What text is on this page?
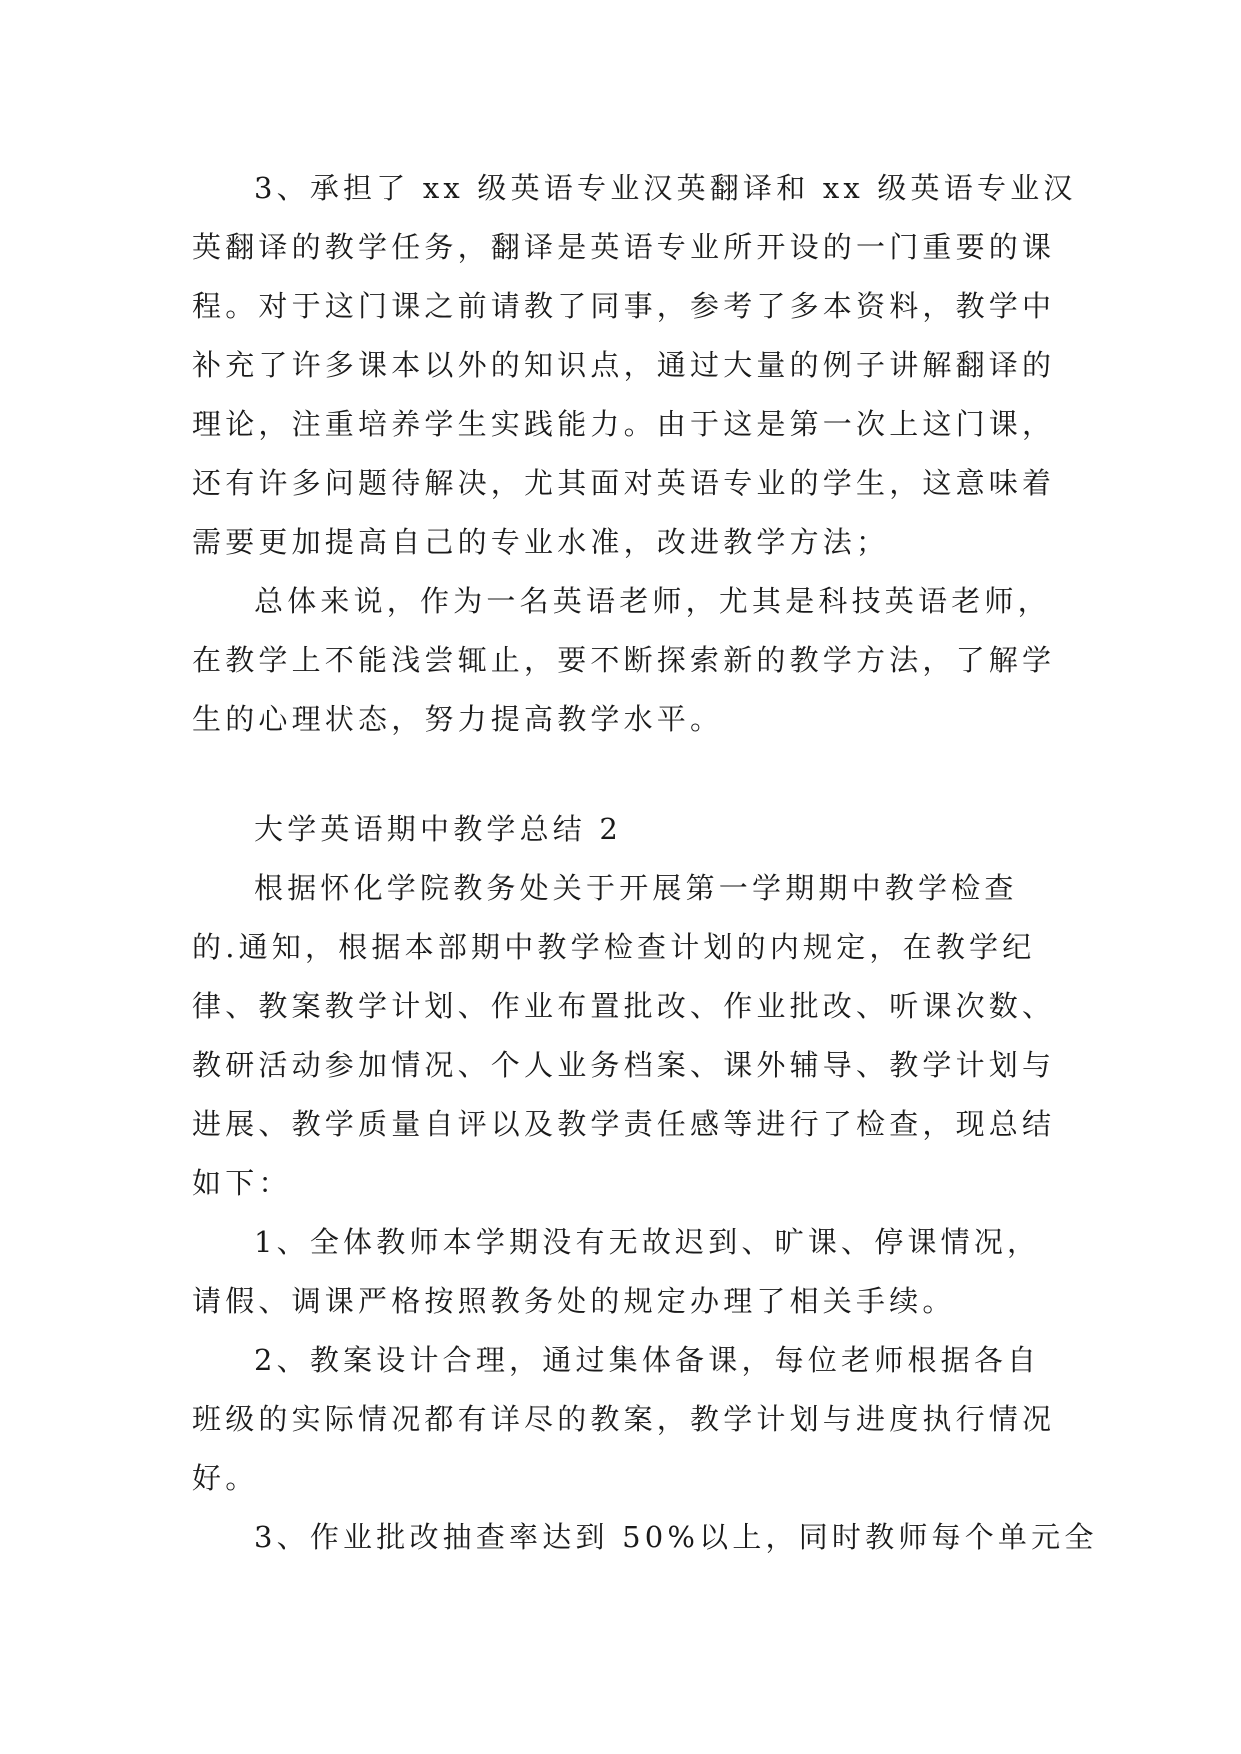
3、承担了 xx 级英语专业汉英翻译和 xx 级英语专业汉
英翻译的教学任务，翻译是英语专业所开设的一门重要的课
程。对于这门课之前请教了同事，参考了多本资料，教学中
补充了许多课本以外的知识点，通过大量的例子讲解翻译的
理论，注重培养学生实践能力。由于这是第一次上这门课，
还有许多问题待解决，尤其面对英语专业的学生，这意味着
需要更加提高自己的专业水准，改进教学方法；
总体来说，作为一名英语老师，尤其是科技英语老师，
在教学上不能浅尝辄止，要不断探索新的教学方法，了解学
生的心理状态，努力提高教学水平。
大学英语期中教学总结 2
根据怀化学院教务处关于开展第一学期期中教学检查
的.通知，根据本部期中教学检查计划的内规定，在教学纪
律、教案教学计划、作业布置批改、作业批改、听课次数、
教研活动参加情况、个人业务档案、课外辅导、教学计划与
进展、教学质量自评以及教学责任感等进行了检查，现总结
如下：
1、全体教师本学期没有无故迟到、旷课、停课情况，
请假、调课严格按照教务处的规定办理了相关手续。
2、教案设计合理，通过集体备课，每位老师根据各自
班级的实际情况都有详尽的教案，教学计划与进度执行情况
好。
3、作业批改抽查率达到 50%以上，同时教师每个单元全
